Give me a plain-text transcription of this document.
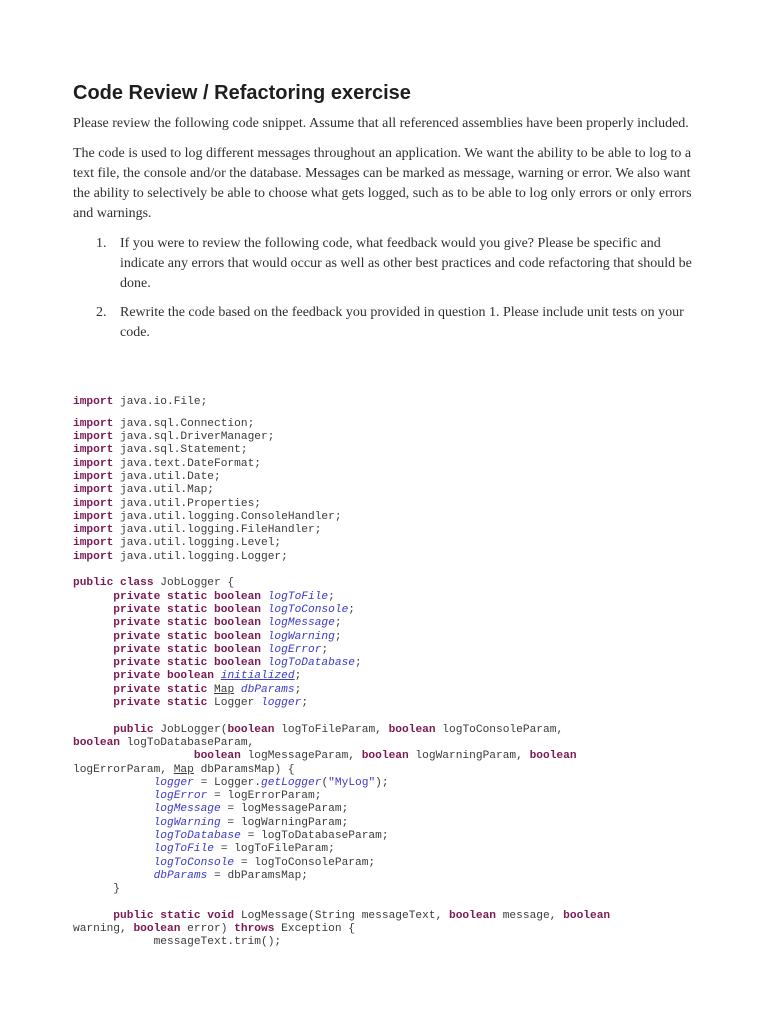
Code Review / Refactoring exercise

Please review the following code snippet. Assume that all referenced assemblies have been properly included.

The code is used to log different messages throughout an application. We want the ability to be able to log to a text file, the console and/or the database. Messages can be marked as message, warning or error. We also want the ability to selectively be able to choose what gets logged, such as to be able to log only errors or only errors and warnings.

1. If you were to review the following code, what feedback would you give? Please be specific and indicate any errors that would occur as well as other best practices and code refactoring that should be done.
2. Rewrite the code based on the feedback you provided in question 1. Please include unit tests on your code.
import java.io.File;
import java.sql.Connection;
import java.sql.DriverManager;
import java.sql.Statement;
import java.text.DateFormat;
import java.util.Date;
import java.util.Map;
import java.util.Properties;
import java.util.logging.ConsoleHandler;
import java.util.logging.FileHandler;
import java.util.logging.Level;
import java.util.logging.Logger;
public class JobLogger {
private static boolean logToFile;
private static boolean logToConsole;
private static boolean logMessage;
private static boolean logWarning;
private static boolean logError;
private static boolean logToDatabase;
private boolean initialized;
private static Map dbParams;
private static Logger logger;
public JobLogger(boolean logToFileParam, boolean logToConsoleParam,
boolean logToDatabaseParam,
boolean logMessageParam, boolean logWarningParam, boolean
logErrorParam, Map dbParamsMap) {
logger = Logger.getLogger("MyLog");
logError = logErrorParam;
logMessage = logMessageParam;
logWarning = logWarningParam;
logToDatabase = logToDatabaseParam;
logToFile = logToFileParam;
logToConsole = logToConsoleParam;
dbParams = dbParamsMap;
}
public static void LogMessage(String messageText, boolean message, boolean
warning, boolean error) throws Exception {
messageText.trim();
